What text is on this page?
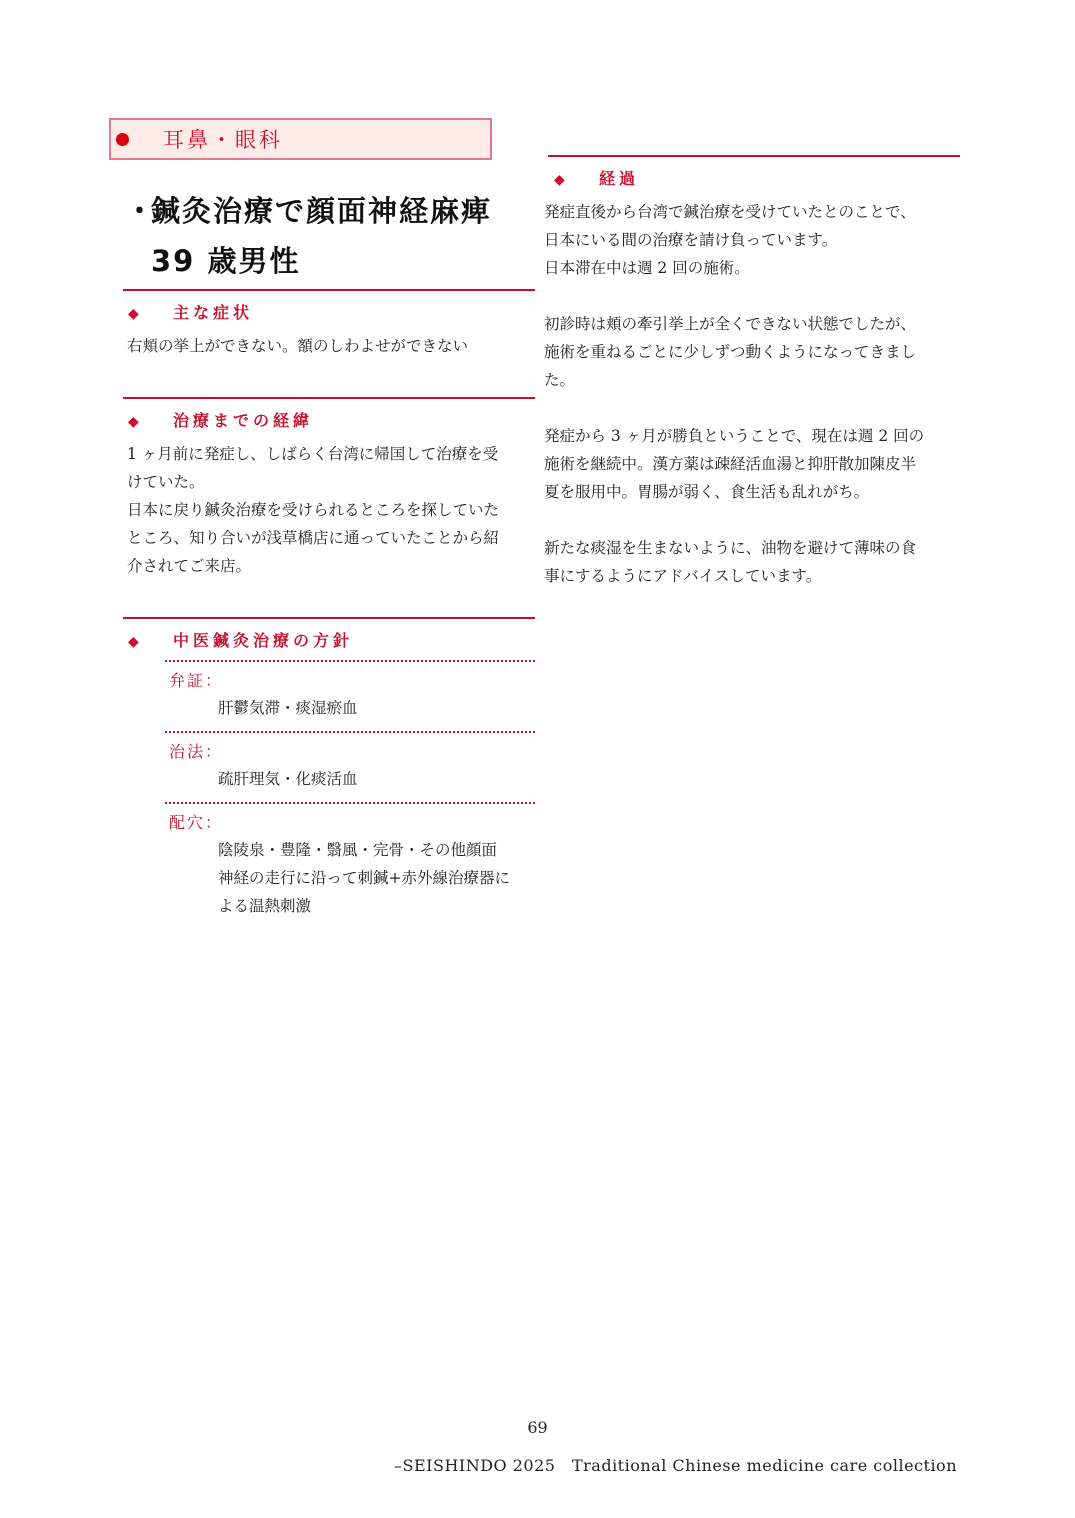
耳鼻・眼科
・鍼灸治療で顔面神経麻痺
39 歳男性
◆ 主な症状
右頬の挙上ができない。額のしわよせができない
◆ 治療までの経緯
1 ヶ月前に発症し、しばらく台湾に帰国して治療を受
けていた。
日本に戻り鍼灸治療を受けられるところを探していた
ところ、知り合いが浅草橋店に通っていたことから紹
介されてご来店。
◆ 中医鍼灸治療の方針
弁証：
肝鬱気滞・痰湿瘀血
治法：
疏肝理気・化痰活血
配穴：
陰陵泉・豊隆・翳風・完骨・その他顔面
神経の走行に沿って刺鍼+赤外線治療器に
よる温熱刺激
◆ 経過
発症直後から台湾で鍼治療を受けていたとのことで、
日本にいる間の治療を請け負っています。
日本滞在中は週 2 回の施術。
初診時は頬の牽引挙上が全くできない状態でしたが、
施術を重ねるごとに少しずつ動くようになってきまし
た。
発症から 3 ヶ月が勝負ということで、現在は週 2 回の
施術を継続中。漢方薬は疎経活血湯と抑肝散加陳皮半
夏を服用中。胃腸が弱く、食生活も乱れがち。
新たな痰湿を生まないように、油物を避けて薄味の食
事にするようにアドバイスしています。
69
–SEISHINDO 2025　Traditional Chinese medicine care collection
